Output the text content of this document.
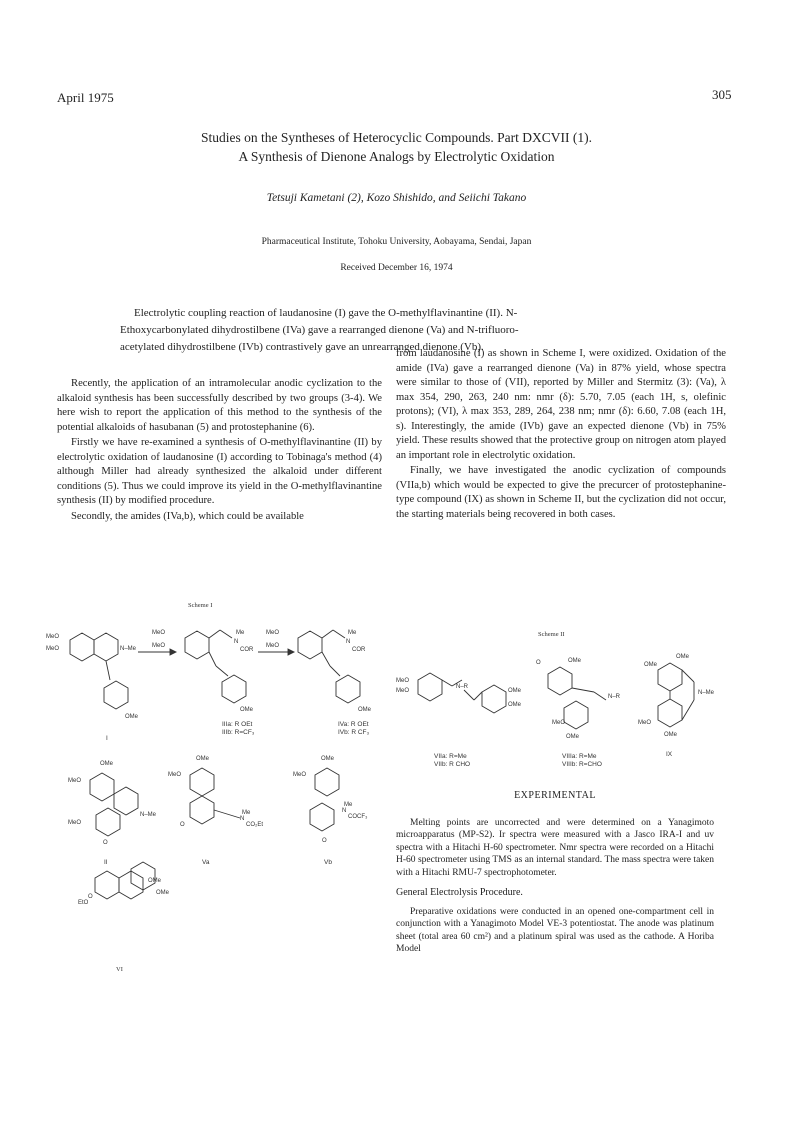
April 1975	305
Studies on the Syntheses of Heterocyclic Compounds. Part DXCVII (1).
A Synthesis of Dienone Analogs by Electrolytic Oxidation
Tetsuji Kametani (2), Kozo Shishido, and Seiichi Takano
Pharmaceutical Institute, Tohoku University, Aobayama, Sendai, Japan
Received December 16, 1974

Electrolytic coupling reaction of laudanosine (I) gave the O-methylflavinantine (II). N-

Ethoxycarbonylated dihydrostilbene (IVa) gave a rearranged dienone (Va) and N-trifluoro-

acetylated dihydrostilbene (IVb) contrastively gave an unrearranged dienone (Vb).

Recently, the application of an intramolecular anodic cyclization to the alkaloid synthesis has been successfully described by two groups (3-4). We here wish to report the application of this method to the synthesis of the potential alkaloids of hasubanan (5) and protostephanine (6).

Firstly we have re-examined a synthesis of O-methylflavinantine (II) by electrolytic oxidation of laudanosine (I) according to Tobinaga's method (4) although Miller had already synthesized the alkaloid under different conditions (5). Thus we could improve its yield in the O-methylflavinantine synthesis (II) by modified procedure.

Secondly, the amides (IVa,b), which could be available

from laudanosine (I) as shown in Scheme I, were oxidized. Oxidation of the amide (IVa) gave a rearranged dienone (Va) in 87% yield, whose spectra were similar to those of (VII), reported by Miller and Stermitz (3): (Va), λ max 354, 290, 263, 240 nm: nmr (δ): 5.70, 7.05 (each 1H, s, olefinic protons); (VI), λ max 353, 289, 264, 238 nm; nmr (δ): 6.60, 7.08 (each 1H, s). Interestingly, the amide (IVb) gave an expected dienone (Vb) in 75% yield. These results showed that the protective group on nitrogen atom played an important role in electrolytic oxidation.

Finally, we have investigated the anodic cyclization of compounds (VIIa,b) which would be expected to give the precurcer of protostephanine-type compound (IX) as shown in Scheme II, but the cyclization did not occur, the starting materials being recovered in both cases.

Scheme I
MeO
MeO	N–Me
OMe
MeO
MeO
Me
N
COR
OMe
MeO
MeO
Me
N
COR
OMe
OMe
MeO
N–Me
MeO
O
OMe
MeO
Me
N
CO₂Et
O
OMe
MeO
Me
N
COCF₃
O
O
OMe
OMe
EtO
I
IIIa: R OEt
IIIb: R=CF₃
IVa: R OEt
IVb: R CF₃
II	Va	Vb
VI
Scheme II
MeO
MeO
N–R
OMe
OMe
O	OMe
N–R
MeO
OMe
OMe
OMe
N–Me
MeO
OMe
VIIa: R=Me
VIIb: R CHO
VIIIa: R=Me
VIIIb: R=CHO
IX
EXPERIMENTAL

Melting points are uncorrected and were determined on a Yanagimoto microapparatus (MP-S2). Ir spectra were measured with a Jasco IRA-I and uv spectra with a Hitachi H-60 spectrometer. Nmr spectra were recorded on a Hitachi H-60 spectrometer using TMS as an internal standard. The mass spectra were taken with a Hitachi RMU-7 spectrophotometer.

General Electrolysis Procedure.

Preparative oxidations were conducted in an opened one-compartment cell in conjunction with a Yanagimoto Model VE-3 potentiostat. The anode was platinum sheet (total area 60 cm²) and a platinum spiral was used as the cathode. A Horiba Model
